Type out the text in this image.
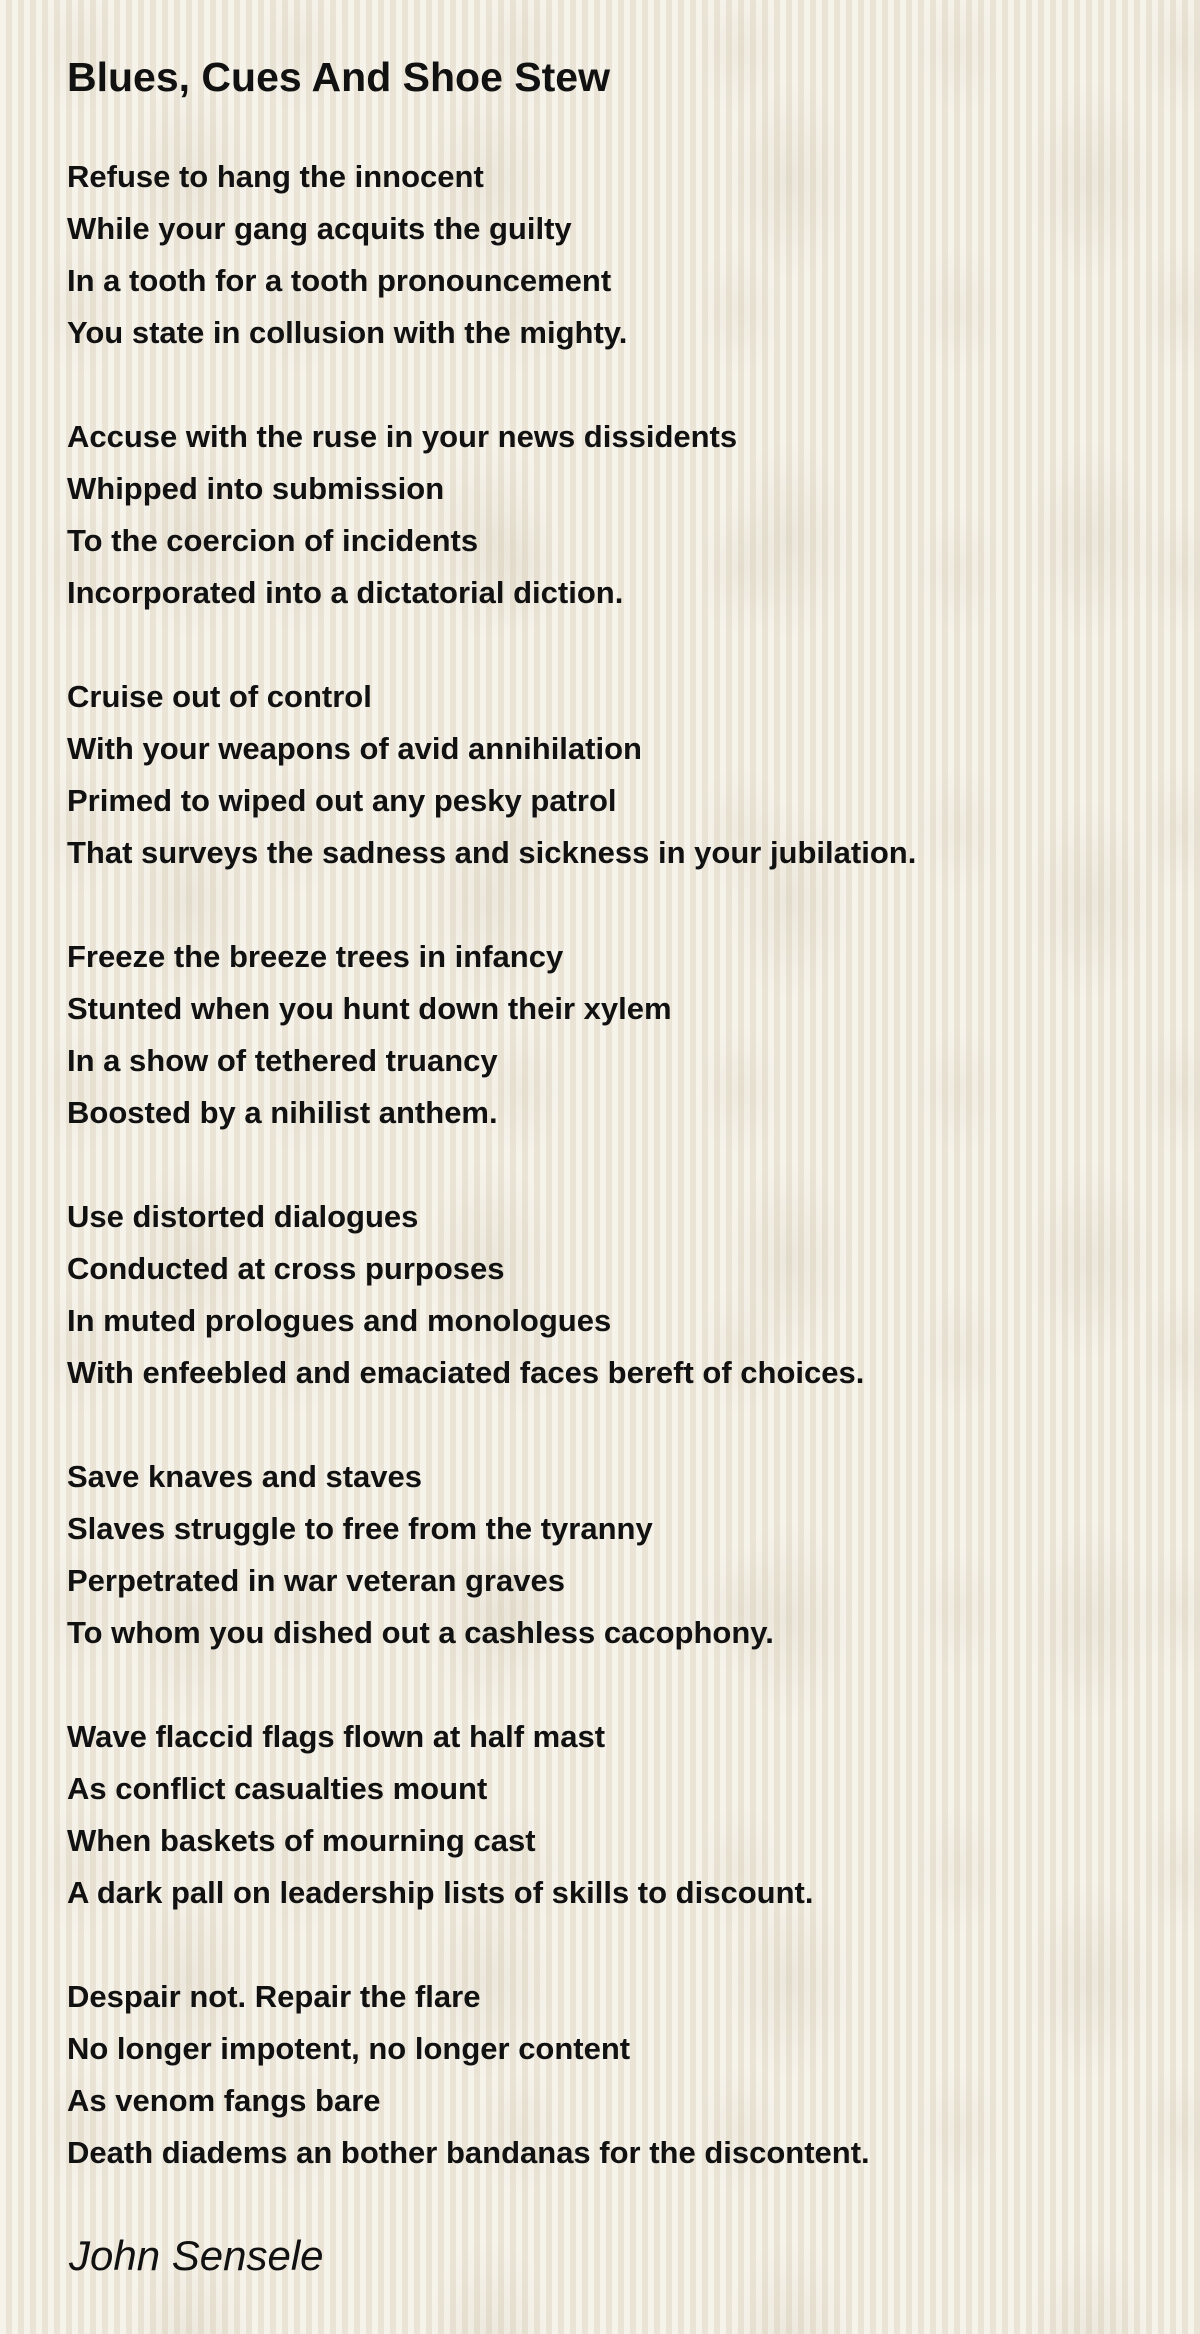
Blues, Cues And Shoe Stew

Refuse to hang the innocent
While your gang acquits the guilty
In a tooth for a tooth pronouncement
You state in collusion with the mighty.

Accuse with the ruse in your news dissidents
Whipped into submission
To the coercion of incidents
Incorporated into a dictatorial diction.

Cruise out of control
With your weapons of avid annihilation
Primed to wiped out any pesky patrol
That surveys the sadness and sickness in your jubilation.

Freeze the breeze trees in infancy
Stunted when you hunt down their xylem
In a show of tethered truancy
Boosted by a nihilist anthem.

Use distorted dialogues
Conducted at cross purposes
In muted prologues and monologues
With enfeebled and emaciated faces bereft of choices.

Save knaves and staves
Slaves struggle to free from the tyranny
Perpetrated in war veteran graves
To whom you dished out a cashless cacophony.

Wave flaccid flags flown at half mast
As conflict casualties mount
When baskets of mourning cast
A dark pall on leadership lists of skills to discount.

Despair not. Repair the flare
No longer impotent, no longer content
As venom fangs bare
Death diadems an bother bandanas for the discontent.

John Sensele
